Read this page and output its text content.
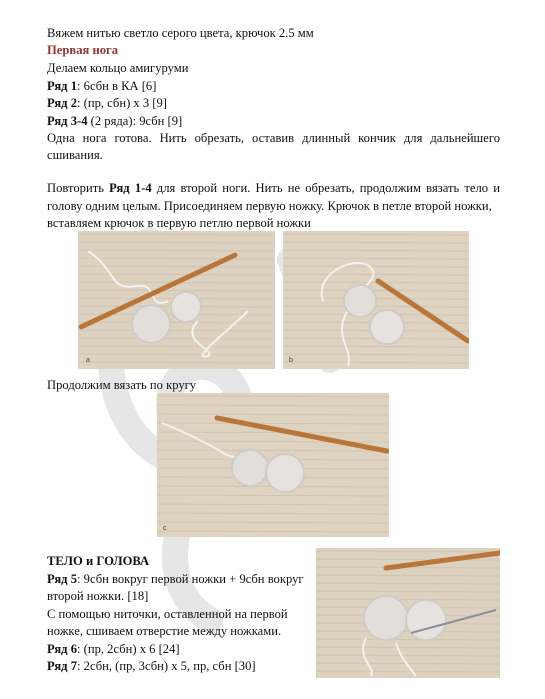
Вяжем нитью светло серого цвета, крючок 2.5 мм
Первая нога
Делаем кольцо амигуруми
Ряд 1: 6сбн в КА [6]
Ряд 2: (пр, сбн) х 3 [9]
Ряд 3-4 (2 ряда): 9сбн [9]
Одна нога готова. Нить обрезать, оставив длинный кончик для дальнейшего
сшивания.
Повторить Ряд 1-4 для второй ноги. Нить не обрезать, продолжим вязать тело и
голову одним целым. Присоединяем первую ножку. Крючок в петле второй ножки,
вставляем крючок в первую петлю первой ножки
a	b
Продолжим вязать по кругу
c
ТЕЛО и ГОЛОВА
Ряд 5: 9сбн вокруг первой ножки + 9сбн вокруг
второй ножки. [18]
С помощью ниточки, оставленной на первой
ножке, сшиваем отверстие между ножками.
Ряд 6: (пр, 2сбн) х 6 [24]
Ряд 7: 2сбн, (пр, 3сбн) х 5, пр, сбн [30]
